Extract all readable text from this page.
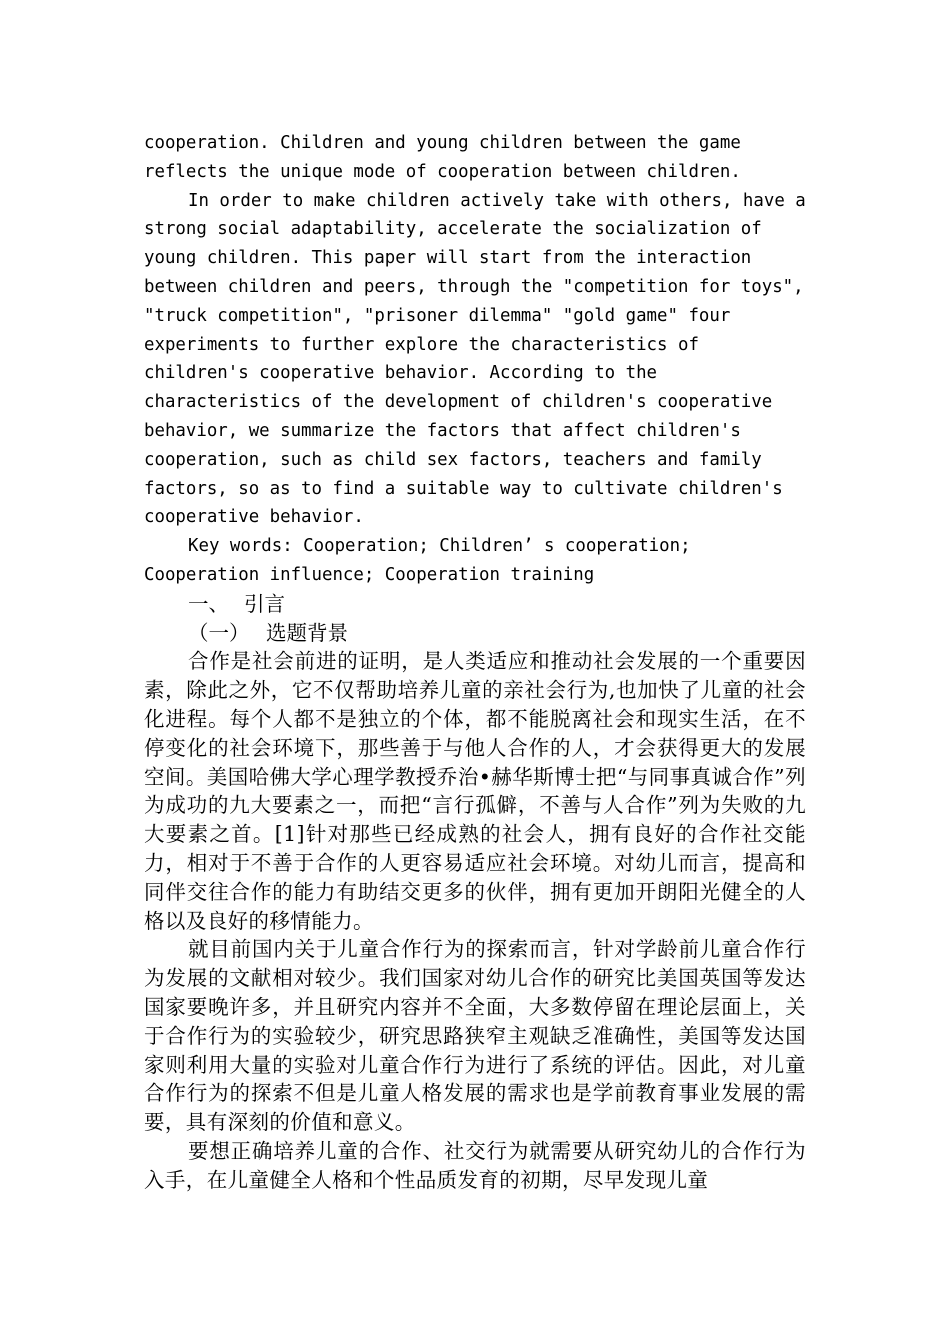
cooperation. Children and young children between the game reflects the unique mode of cooperation between children.

In order to make children actively take with others, have a strong social adaptability, accelerate the socialization of young children. This paper will start from the interaction between children and peers, through the "competition for toys", "truck competition", "prisoner dilemma" "gold game" four experiments to further explore the characteristics of children's cooperative behavior. According to the characteristics of the development of children's cooperative behavior, we summarize the factors that affect children's cooperation, such as child sex factors, teachers and family factors, so as to find a suitable way to cultivate children's cooperative behavior.

Key words: Cooperation; Children’ s cooperation;

Cooperation influence; Cooperation training

一、 引言

（一） 选题背景

合作是社会前进的证明，是人类适应和推动社会发展的一个重要因素，除此之外，它不仅帮助培养儿童的亲社会行为,也加快了儿童的社会化进程。每个人都不是独立的个体，都不能脱离社会和现实生活，在不停变化的社会环境下，那些善于与他人合作的人，才会获得更大的发展空间。美国哈佛大学心理学教授乔治•赫华斯博士把“与同事真诚合作”列为成功的九大要素之一，而把“言行孤僻，不善与人合作”列为失败的九大要素之首。[1]针对那些已经成熟的社会人，拥有良好的合作社交能力，相对于不善于合作的人更容易适应社会环境。对幼儿而言，提高和同伴交往合作的能力有助结交更多的伙伴，拥有更加开朗阳光健全的人格以及良好的移情能力。

就目前国内关于儿童合作行为的探索而言，针对学龄前儿童合作行为发展的文献相对较少。我们国家对幼儿合作的研究比美国英国等发达国家要晚许多，并且研究内容并不全面，大多数停留在理论层面上，关于合作行为的实验较少，研究思路狭窄主观缺乏准确性，美国等发达国家则利用大量的实验对儿童合作行为进行了系统的评估。因此，对儿童合作行为的探索不但是儿童人格发展的需求也是学前教育事业发展的需要，具有深刻的价值和意义。

要想正确培养儿童的合作、社交行为就需要从研究幼儿的合作行为入手，在儿童健全人格和个性品质发育的初期，尽早发现儿童
